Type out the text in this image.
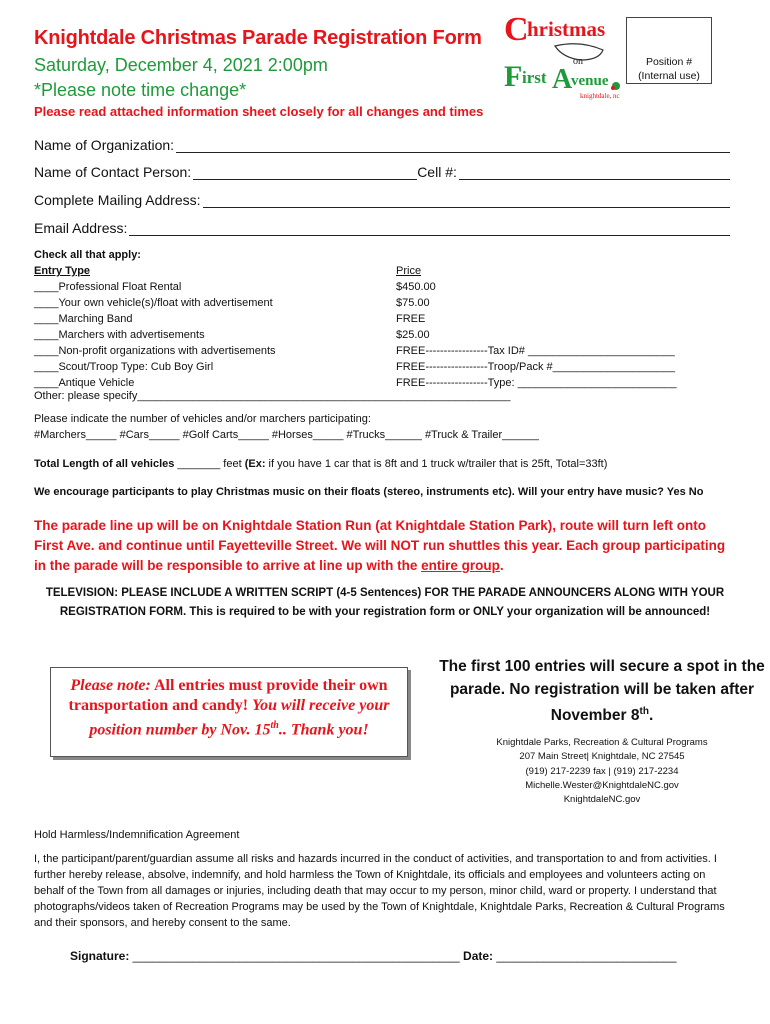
Knightdale Christmas Parade Registration Form
Saturday, December 4, 2021 2:00pm
*Please note time change*
Please read attached information sheet closely for all changes and times
C
hristmas
on
F irst A
venue
knightdale, nc
Position #
(Internal use)
Name of Organization:
Name of Contact Person:	Cell #:
Complete Mailing Address:
Email Address:
Check all that apply:
Entry Type	Price
____Professional Float Rental	$450.00
____Your own vehicle(s)/float with advertisement	$75.00
____Marching Band	FREE
____Marchers with advertisements	$25.00
____Non-profit organizations with advertisements	FREE-----------------Tax ID# ________________________
____Scout/Troop Type: Cub Boy Girl	FREE-----------------Troop/Pack #____________________
____Antique Vehicle	FREE-----------------Type: __________________________
Other: please specify_____________________________________________________________
Please indicate the number of vehicles and/or marchers participating:
#Marchers_____ #Cars_____ #Golf Carts_____ #Horses_____ #Trucks______ #Truck & Trailer______
Total Length of all vehicles _______ feet (Ex: if you have 1 car that is 8ft and 1 truck w/trailer that is 25ft, Total=33ft)
We encourage participants to play Christmas music on their floats (stereo, instruments etc). Will your entry have music? Yes No
The parade line up will be on Knightdale Station Run (at Knightdale Station Park), route will turn left onto First Ave. and continue until Fayetteville Street. We will NOT run shuttles this year. Each group participating in the parade will be responsible to arrive at line up with the entire group.
TELEVISION: PLEASE INCLUDE A WRITTEN SCRIPT (4-5 Sentences) FOR THE PARADE ANNOUNCERS ALONG WITH YOUR
REGISTRATION FORM. This is required to be with your registration form or ONLY your organization will be announced!
Please note: All entries must provide their own transportation and candy! You will receive your position number by Nov. 15th.. Thank you!
The first 100 entries will secure a spot in the parade. No registration will be taken after November 8th.
Knightdale Parks, Recreation & Cultural Programs
207 Main Street| Knightdale, NC 27545
(919) 217-2239 fax | (919) 217-2234
Michelle.Wester@KnightdaleNC.gov
KnightdaleNC.gov
Hold Harmless/Indemnification Agreement
I, the participant/parent/guardian assume all risks and hazards incurred in the conduct of activities, and transportation to and from activities. I further hereby release, absolve, indemnify, and hold harmless the Town of Knightdale, its officials and employees and volunteers acting on behalf of the Town from all damages or injuries, including death that may occur to my person, minor child, ward or property. I understand that photographs/videos taken of Recreation Programs may be used by the Town of Knightdale, Knightdale Parks, Recreation & Cultural Programs and their sponsors, and hereby consent to the same.
Signature: _________________________________________________ Date: ___________________________
